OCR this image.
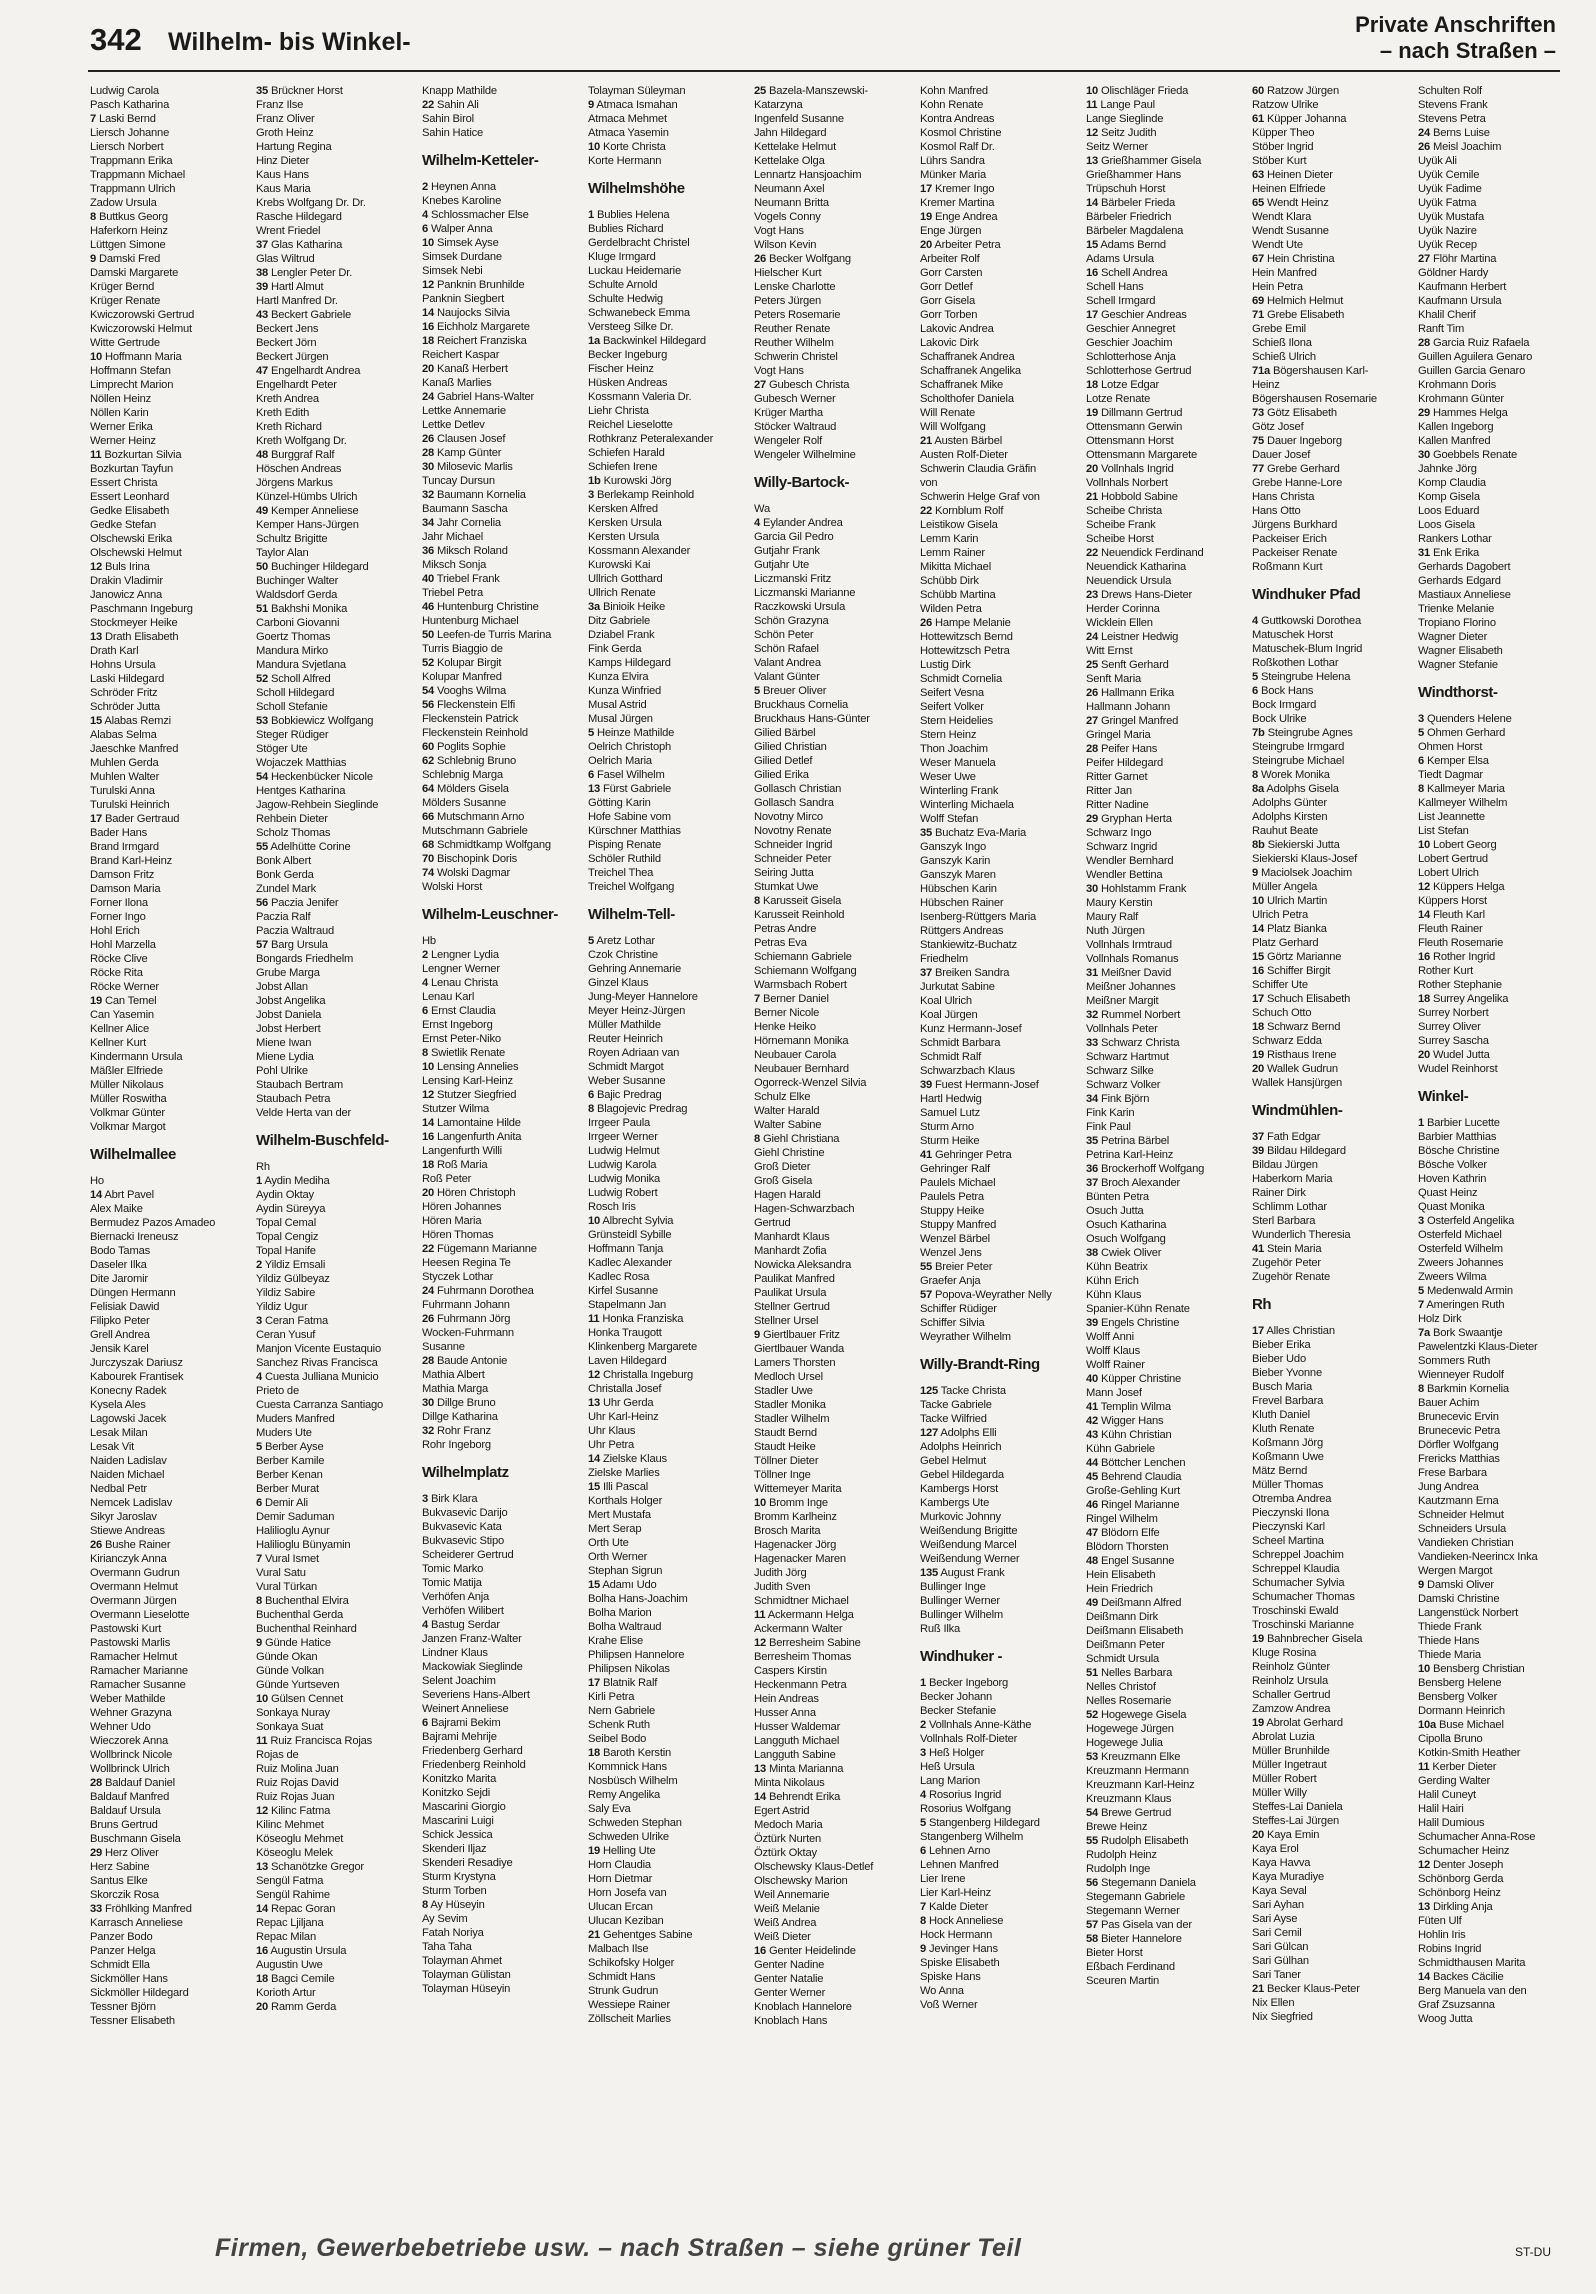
342 Wilhelm- bis Winkel-
Private Anschriften
– nach Straßen –
Ludwig Carola
Pasch Katharina
7 Laski Bernd
Liersch Johanne
Liersch Norbert
Trappmann Erika
Trappmann Michael
Trappmann Ulrich
Zadow Ursula
8 Buttkus Georg
Haferkorn Heinz
Lüttgen Simone
9 Damski Fred
Damski Margarete
Krüger Bernd
Krüger Renate
Kwiczorowski Gertrud
Kwiczorowski Helmut
Witte Gertrude
10 Hoffmann Maria
Hoffmann Stefan
Limprecht Marion
Nöllen Heinz
Nöllen Karin
Werner Erika
Werner Heinz
11 Bozkurtan Silvia
Bozkurtan Tayfun
Essert Christa
Essert Leonhard
Gedke Elisabeth
Gedke Stefan
Olschewski Erika
Olschewski Helmut
12 Buls Irina
Drakin Vladimir
Janowicz Anna
Paschmann Ingeburg
Stockmeyer Heike
13 Drath Elisabeth
Drath Karl
Hohns Ursula
Laski Hildegard
Schröder Fritz
Schröder Jutta
15 Alabas Remzi
Alabas Selma
Jaeschke Manfred
Muhlen Gerda
Muhlen Walter
Turulski Anna
Turulski Heinrich
17 Bader Gertraud
Bader Hans
Brand Irmgard
Brand Karl-Heinz
Damson Fritz
Damson Maria
Forner Ilona
Forner Ingo
Hohl Erich
Hohl Marzella
Röcke Clive
Röcke Rita
Röcke Werner
19 Can Temel
Can Yasemin
Kellner Alice
Kellner Kurt
Kindermann Ursula
Mäßler Elfriede
Müller Nikolaus
Müller Roswitha
Volkmar Günter
Volkmar Margot
Wilhelmallee
Ho
14 Abrt Pavel
Alex Maike
Bermudez Pazos Amadeo
Biernacki Ireneusz
Bodo Tamas
Daseler Ilka
Dite Jaromir
Düngen Hermann
Felisiak Dawid
Filipko Peter
Grell Andrea
Jensik Karel
Jurczyszak Dariusz
Kabourek Frantisek
Konecny Radek
Kysela Ales
Lagowski Jacek
Lesak Milan
Lesak Vit
Naiden Ladislav
Naiden Michael
Nedbal Petr
Nemcek Ladislav
Sikyr Jaroslav
Stiewe Andreas
26 Bushe Rainer
Kirianczyk Anna
Overmann Gudrun
Overmann Helmut
Overmann Jürgen
Overmann Lieselotte
Pastowski Kurt
Pastowski Marlis
Ramacher Helmut
Ramacher Marianne
Ramacher Susanne
Weber Mathilde
Wehner Grazyna
Wehner Udo
Wieczorek Anna
Wollbrinck Nicole
Wollbrinck Ulrich
28 Baldauf Daniel
Baldauf Manfred
Baldauf Ursula
Bruns Gertrud
Buschmann Gisela
29 Herz Oliver
Herz Sabine
Santus Elke
Skorczik Rosa
33 Fröhlking Manfred
Karrasch Anneliese
Panzer Bodo
Panzer Helga
Schmidt Ella
Sickmöller Hans
Sickmöller Hildegard
Tessner Björn
Tessner Elisabeth
35 Brückner Horst
Franz Ilse
Franz Oliver
Groth Heinz
Hartung Regina
Hinz Dieter
Kaus Hans
Kaus Maria
Krebs Wolfgang Dr. Dr.
Rasche Hildegard
Wrent Friedel
37 Glas Katharina
Glas Wiltrud
38 Lengler Peter Dr.
39 Hartl Almut
Hartl Manfred Dr.
43 Beckert Gabriele
Beckert Jens
Beckert Jörn
Beckert Jürgen
47 Engelhardt Andrea
Engelhardt Peter
Kreth Andrea
Kreth Edith
Kreth Richard
Kreth Wolfgang Dr.
48 Burggraf Ralf
Höschen Andreas
Jörgens Markus
Künzel-Hümbs Ulrich
49 Kemper Anneliese
Kemper Hans-Jürgen
Schultz Brigitte
Taylor Alan
50 Buchinger Hildegard
Buchinger Walter
Waldsdorf Gerda
51 Bakhshi Monika
Carboni Giovanni
Goertz Thomas
Mandura Mirko
Mandura Svjetlana
52 Scholl Alfred
Scholl Hildegard
Scholl Stefanie
53 Bobkiewicz Wolfgang
Steger Rüdiger
Stöger Ute
Wojaczek Matthias
54 Heckenbücker Nicole
Hentges Katharina
Jagow-Rehbein Sieglinde
Rehbein Dieter
Scholz Thomas
55 Adelhütte Corine
Bonk Albert
Bonk Gerda
Zundel Mark
56 Paczia Jenifer
Paczia Ralf
Paczia Waltraud
57 Barg Ursula
Bongards Friedhelm
Grube Marga
Jobst Allan
Jobst Angelika
Jobst Daniela
Jobst Herbert
Miene Iwan
Miene Lydia
Pohl Ulrike
Staubach Bertram
Staubach Petra
Velde Herta van der
Wilhelm-Buschfeld-
Rh
1 Aydin Mediha
Aydin Oktay
Aydin Süreyya
Topal Cemal
Topal Cengiz
Topal Hanife
2 Yildiz Emsali
Yildiz Gülbeyaz
Yildiz Sabire
Yildiz Ugur
3 Ceran Fatma
Ceran Yusuf
Manjon Vicente Eustaquio
Sanchez Rivas Francisca
4 Cuesta Julliana Municio
Prieto de
Cuesta Carranza Santiago
Muders Manfred
Muders Ute
5 Berber Ayse
Berber Kamile
Berber Kenan
Berber Murat
6 Demir Ali
Demir Saduman
Halilioglu Aynur
Halilioglu Bünyamin
7 Vural Ismet
Vural Satu
Vural Türkan
8 Buchenthal Elvira
Buchenthal Gerda
Buchenthal Reinhard
9 Günde Hatice
Günde Okan
Günde Volkan
Günde Yurtseven
10 Gülsen Cennet
Sonkaya Nuray
Sonkaya Suat
11 Ruiz Francisca Rojas
Rojas de
Ruiz Molina Juan
Ruiz Rojas David
Ruiz Rojas Juan
12 Kilinc Fatma
Kilinc Mehmet
Köseoglu Mehmet
Köseoglu Melek
13 Schanötzke Gregor
Sengül Fatma
Sengül Rahime
14 Repac Goran
Repac Ljiljana
Repac Milan
16 Augustin Ursula
Augustin Uwe
18 Bagci Cemile
Korioth Artur
20 Ramm Gerda
Knapp Mathilde
22 Sahin Ali
Sahin Birol
Sahin Hatice
Wilhelm-Ketteler-
2 Heynen Anna
Knebes Karoline
4 Schlossmacher Else
6 Walper Anna
10 Simsek Ayse
Simsek Durdane
Simsek Nebi
12 Panknin Brunhilde
Panknin Siegbert
14 Naujocks Silvia
16 Eichholz Margarete
18 Reichert Franziska
Reichert Kaspar
20 Kanaß Herbert
Kanaß Marlies
24 Gabriel Hans-Walter
Lettke Annemarie
Lettke Detlev
26 Clausen Josef
28 Kamp Günter
30 Milosevic Marlis
Tuncay Dursun
32 Baumann Kornelia
Baumann Sascha
34 Jahr Cornelia
Jahr Michael
36 Miksch Roland
Miksch Sonja
40 Triebel Frank
Triebel Petra
46 Huntenburg Christine
Huntenburg Michael
50 Leefen-de Turris Marina
Turris Biaggio de
52 Kolupar Birgit
Kolupar Manfred
54 Vooghs Wilma
56 Fleckenstein Elfi
Fleckenstein Patrick
Fleckenstein Reinhold
60 Poglits Sophie
62 Schlebnig Bruno
Schlebnig Marga
64 Mölders Gisela
Mölders Susanne
66 Mutschmann Arno
Mutschmann Gabriele
68 Schmidtkamp Wolfgang
70 Bischopink Doris
74 Wolski Dagmar
Wolski Horst
Wilhelm-Leuschner-
Hb
2 Lengner Lydia
Lengner Werner
4 Lenau Christa
Lenau Karl
6 Ernst Claudia
Ernst Ingeborg
Ernst Peter-Niko
8 Swietlik Renate
10 Lensing Annelies
Lensing Karl-Heinz
12 Stutzer Siegfried
Stutzer Wilma
14 Lamontaine Hilde
16 Langenfurth Anita
Langenfurth Willi
18 Roß Maria
Roß Peter
20 Hören Christoph
Hören Johannes
Hören Maria
Hören Thomas
22 Fügemann Marianne
Heesen Regina Te
Styczek Lothar
24 Fuhrmann Dorothea
Fuhrmann Johann
26 Fuhrmann Jörg
Wocken-Fuhrmann
Susanne
28 Baude Antonie
Mathia Albert
Mathia Marga
30 Dillge Bruno
Dillge Katharina
32 Rohr Franz
Rohr Ingeborg
Wilhelmplatz
3 Birk Klara
Bukvasevic Darijo
Bukvasevic Kata
Bukvasevic Stipo
Scheiderer Gertrud
Tomic Marko
Tomic Matija
Verhöfen Anja
Verhöfen Wilibert
4 Bastug Serdar
Janzen Franz-Walter
Lindner Klaus
Mackowiak Sieglinde
Selent Joachim
Severiens Hans-Albert
Weinert Anneliese
6 Bajrami Bekim
Bajrami Mehrije
Friedenberg Gerhard
Friedenberg Reinhold
Konitzko Marita
Konitzko Sejdi
Mascarini Giorgio
Mascarini Luigi
Schick Jessica
Skenderi Iljaz
Skenderi Resadiye
Sturm Krystyna
Sturm Torben
8 Ay Hüseyin
Ay Sevim
Fatah Noriya
Taha Taha
Tolayman Ahmet
Tolayman Gülistan
Tolayman Hüseyin
Tolayman Süleyman
9 Atmaca Ismahan
Atmaca Mehmet
Atmaca Yasemin
10 Korte Christa
Korte Hermann
Wilhelmshöhe
1 Bublies Helena
Bublies Richard
Gerdelbracht Christel
Kluge Irmgard
Luckau Heidemarie
Schulte Arnold
Schulte Hedwig
Schwanebeck Emma
Versteeg Silke Dr.
1a Backwinkel Hildegard
Becker Ingeburg
Fischer Heinz
Hüsken Andreas
Kossmann Valeria Dr.
Liehr Christa
Reichel Lieselotte
Rothkranz Peteralexander
Schiefen Harald
Schiefen Irene
1b Kurowski Jörg
3 Berlekamp Reinhold
Kersken Alfred
Kersken Ursula
Kersten Ursula
Kossmann Alexander
Kurowski Kai
Ullrich Gotthard
Ullrich Renate
3a Binioik Heike
Ditz Gabriele
Dziabel Frank
Fink Gerda
Kamps Hildegard
Kunza Elvira
Kunza Winfried
Musal Astrid
Musal Jürgen
5 Heinze Mathilde
Oelrich Christoph
Oelrich Maria
6 Fasel Wilhelm
13 Fürst Gabriele
Götting Karin
Hofe Sabine vom
Kürschner Matthias
Pisping Renate
Schöler Ruthild
Treichel Thea
Treichel Wolfgang
Wilhelm-Tell-
5 Aretz Lothar
Czok Christine
Gehring Annemarie
Ginzel Klaus
Jung-Meyer Hannelore
Meyer Heinz-Jürgen
Müller Mathilde
Reuter Heinrich
Royen Adriaan van
Schmidt Margot
Weber Susanne
6 Bajic Predrag
8 Blagojevic Predrag
Irrgeer Paula
Irrgeer Werner
Ludwig Helmut
Ludwig Karola
Ludwig Monika
Ludwig Robert
Rosch Iris
10 Albrecht Sylvia
Grünsteidl Sybille
Hoffmann Tanja
Kadlec Alexander
Kadlec Rosa
Kirfel Susanne
Stapelmann Jan
11 Honka Franziska
Honka Traugott
Klinkenberg Margarete
Laven Hildegard
12 Christalla Ingeburg
Christalla Josef
13 Uhr Gerda
Uhr Karl-Heinz
Uhr Klaus
Uhr Petra
14 Zielske Klaus
Zielske Marlies
15 Illi Pascal
Korthals Holger
Mert Mustafa
Mert Serap
Orth Ute
Orth Werner
Stephan Sigrun
15 Adamı Udo
Bolha Hans-Joachim
Bolha Marion
Bolha Waltraud
Krahe Elise
Philipsen Hannelore
Philipsen Nikolas
17 Blatnik Ralf
Kirli Petra
Nern Gabriele
Schenk Ruth
Seibel Bodo
18 Baroth Kerstin
Kommnick Hans
Nosbüsch Wilhelm
Remy Angelika
Saly Eva
Schweden Stephan
Schweden Ulrike
19 Helling Ute
Horn Claudia
Horn Dietmar
Horn Josefa van
Ulucan Ercan
Ulucan Keziban
21 Gehentges Sabine
Malbach Ilse
Schikofsky Holger
Schmidt Hans
Strunk Gudrun
Wessiepe Rainer
Zöllscheit Marlies
25 Bazela-Manszewski-
Katarzyna
Ingenfeld Susanne
Jahn Hildegard
Kettelake Helmut
Kettelake Olga
Lennartz Hansjoachim
Neumann Axel
Neumann Britta
Vogels Conny
Vogt Hans
Wilson Kevin
26 Becker Wolfgang
Hielscher Kurt
Lenske Charlotte
Peters Jürgen
Peters Rosemarie
Reuther Renate
Reuther Wilhelm
Schwerin Christel
Vogt Hans
27 Gubesch Christa
Gubesch Werner
Krüger Martha
Stöcker Waltraud
Wengeler Rolf
Wengeler Wilhelmine
Willy-Bartock-
Wa
4 Eylander Andrea
Garcia Gil Pedro
Gutjahr Frank
Gutjahr Ute
Liczmanski Fritz
Liczmanski Marianne
Raczkowski Ursula
Schön Grazyna
Schön Peter
Schön Rafael
Valant Andrea
Valant Günter
5 Breuer Oliver
Bruckhaus Cornelia
Bruckhaus Hans-Günter
Gilied Bärbel
Gilied Christian
Gilied Detlef
Gilied Erika
Gollasch Christian
Gollasch Sandra
Novotny Mirco
Novotny Renate
Schneider Ingrid
Schneider Peter
Seiring Jutta
Stumkat Uwe
8 Karusseit Gisela
Karusseit Reinhold
Petras Andre
Petras Eva
Schiemann Gabriele
Schiemann Wolfgang
Warmsbach Robert
7 Berner Daniel
Berner Nicole
Henke Heiko
Hörnemann Monika
Neubauer Carola
Neubauer Bernhard
Ogorreck-Wenzel Silvia
Schulz Elke
Walter Harald
Walter Sabine
8 Giehl Christiana
Giehl Christine
Groß Dieter
Groß Gisela
Hagen Harald
Hagen-Schwarzbach
Gertrud
Manhardt Klaus
Manhardt Zofia
Nowicka Aleksandra
Paulikat Manfred
Paulikat Ursula
Stellner Gertrud
Stellner Ursel
9 Giertlbauer Fritz
Giertlbauer Wanda
Lamers Thorsten
Medloch Ursel
Stadler Uwe
Stadler Monika
Stadler Wilhelm
Staudt Bernd
Staudt Heike
Töllner Dieter
Töllner Inge
Wittemeyer Marita
10 Bromm Inge
Bromm Karlheinz
Brosch Marita
Hagenacker Jörg
Hagenacker Maren
Judith Jörg
Judith Sven
Schmidtner Michael
11 Ackermann Helga
Ackermann Walter
12 Berresheim Sabine
Berresheim Thomas
Caspers Kirstin
Heckenmann Petra
Hein Andreas
Husser Anna
Husser Waldemar
Langguth Michael
Langguth Sabine
13 Minta Marianna
Minta Nikolaus
14 Behrendt Erika
Egert Astrid
Medoch Maria
Öztürk Nurten
Öztürk Oktay
Olschewsky Klaus-Detlef
Olschewsky Marion
Weil Annemarie
Weiß Melanie
Weiß Andrea
Weiß Dieter
16 Genter Heidelinde
Genter Nadine
Genter Natalie
Genter Werner
Knoblach Hannelore
Knoblach Hans
Kohn Manfred
Kohn Renate
Kontra Andreas
Kosmol Christine
Kosmol Ralf Dr.
Lührs Sandra
Münker Maria
17 Kremer Ingo
Kremer Martina
19 Enge Andrea
Enge Jürgen
20 Arbeiter Petra
Arbeiter Rolf
Gorr Carsten
Gorr Detlef
Gorr Gisela
Gorr Torben
Lakovic Andrea
Lakovic Dirk
Schaffranek Andrea
Schaffranek Angelika
Schaffranek Mike
Scholthofer Daniela
Will Renate
Will Wolfgang
21 Austen Bärbel
Austen Rolf-Dieter
Schwerin Claudia Gräfin
von
Schwerin Helge Graf von
22 Kornblum Rolf
Leistikow Gisela
Lemm Karin
Lemm Rainer
Mikitta Michael
Schübb Dirk
Schübb Martina
Wilden Petra
26 Hampe Melanie
Hottewitzsch Bernd
Hottewitzsch Petra
Lustig Dirk
Schmidt Cornelia
Seifert Vesna
Seifert Volker
Stern Heidelies
Stern Heinz
Thon Joachim
Weser Manuela
Weser Uwe
Winterling Frank
Winterling Michaela
Wolff Stefan
35 Buchatz Eva-Maria
Ganszyk Ingo
Ganszyk Karin
Ganszyk Maren
Hübschen Karin
Hübschen Rainer
Isenberg-Rüttgers Maria
Rüttgers Andreas
Stankiewitz-Buchatz
Friedhelm
37 Breiken Sandra
Jurkutat Sabine
Koal Ulrich
Koal Jürgen
Kunz Hermann-Josef
Schmidt Barbara
Schmidt Ralf
Schwarzbach Klaus
39 Fuest Hermann-Josef
Hartl Hedwig
Samuel Lutz
Sturm Arno
Sturm Heike
41 Gehringer Petra
Gehringer Ralf
Paulels Michael
Paulels Petra
Stuppy Heike
Stuppy Manfred
Wenzel Bärbel
Wenzel Jens
55 Breier Peter
Graefer Anja
57 Popova-Weyrather Nelly
Schiffer Rüdiger
Schiffer Silvia
Weyrather Wilhelm
Willy-Brandt-Ring
125 Tacke Christa
Tacke Gabriele
Tacke Wilfried
127 Adolphs Elli
Adolphs Heinrich
Gebel Helmut
Gebel Hildegarda
Kambergs Horst
Kambergs Ute
Murkovic Johnny
Weißendung Brigitte
Weißendung Marcel
Weißendung Werner
135 August Frank
Bullinger Inge
Bullinger Werner
Bullinger Wilhelm
Ruß Ilka
Windhuker -
1 Becker Ingeborg
Becker Johann
Becker Stefanie
2 Vollnhals Anne-Käthe
Vollnhals Rolf-Dieter
3 Heß Holger
Heß Ursula
Lang Marion
4 Rosorius Ingrid
Rosorius Wolfgang
5 Stangenberg Hildegard
Stangenberg Wilhelm
6 Lehnen Arno
Lehnen Manfred
Lier Irene
Lier Karl-Heinz
7 Kalde Dieter
8 Hock Anneliese
Hock Hermann
9 Jevinger Hans
Spiske Elisabeth
Spiske Hans
Wo Anna
Voß Werner
10 Olischläger Frieda
11 Lange Paul
Lange Sieglinde
12 Seitz Judith
Seitz Werner
13 Grießhammer Gisela
Grießhammer Hans
Trüpschuh Horst
14 Bärbeler Frieda
Bärbeler Friedrich
Bärbeler Magdalena
15 Adams Bernd
Adams Ursula
16 Schell Andrea
Schell Hans
Schell Irmgard
17 Geschier Andreas
Geschier Annegret
Geschier Joachim
Schlotterhose Anja
Schlotterhose Gertrud
18 Lotze Edgar
Lotze Renate
19 Dillmann Gertrud
Ottensmann Gerwin
Ottensmann Horst
Ottensmann Margarete
20 Vollnhals Ingrid
Vollnhals Norbert
21 Hobbold Sabine
Scheibe Christa
Scheibe Frank
Scheibe Horst
22 Neuendick Ferdinand
Neuendick Katharina
Neuendick Ursula
23 Drews Hans-Dieter
Herder Corinna
Wicklein Ellen
24 Leistner Hedwig
Witt Ernst
25 Senft Gerhard
Senft Maria
26 Hallmann Erika
Hallmann Johann
27 Gringel Manfred
Gringel Maria
28 Peifer Hans
Peifer Hildegard
Ritter Garnet
Ritter Jan
Ritter Nadine
29 Gryphan Herta
Schwarz Ingo
Schwarz Ingrid
Wendler Bernhard
Wendler Bettina
30 Hohlstamm Frank
Maury Kerstin
Maury Ralf
Nuth Jürgen
Vollnhals Irmtraud
Vollnhals Romanus
31 Meißner David
Meißner Johannes
Meißner Margit
32 Rummel Norbert
Vollnhals Peter
33 Schwarz Christa
Schwarz Hartmut
Schwarz Silke
Schwarz Volker
34 Fink Björn
Fink Karin
Fink Paul
35 Petrina Bärbel
Petrina Karl-Heinz
36 Brockerhoff Wolfgang
37 Broch Alexander
Bünten Petra
Osuch Jutta
Osuch Katharina
Osuch Wolfgang
38 Cwiek Oliver
Kühn Beatrix
Kühn Erich
Kühn Klaus
Spanier-Kühn Renate
39 Engels Christine
Wolff Anni
Wolff Klaus
Wolff Rainer
40 Küpper Christine
Mann Josef
41 Templin Wilma
42 Wigger Hans
43 Kühn Christian
Kühn Gabriele
44 Böttcher Lenchen
45 Behrend Claudia
Große-Gehling Kurt
46 Ringel Marianne
Ringel Wilhelm
47 Blödorn Elfe
Blödorn Thorsten
48 Engel Susanne
Hein Elisabeth
Hein Friedrich
49 Deißmann Alfred
Deißmann Dirk
Deißmann Elisabeth
Deißmann Peter
Schmidt Ursula
51 Nelles Barbara
Nelles Christof
Nelles Rosemarie
52 Hogewege Gisela
Hogewege Jürgen
Hogewege Julia
53 Kreuzmann Elke
Kreuzmann Hermann
Kreuzmann Karl-Heinz
Kreuzmann Klaus
54 Brewe Gertrud
Brewe Heinz
55 Rudolph Elisabeth
Rudolph Heinz
Rudolph Inge
56 Stegemann Daniela
Stegemann Gabriele
Stegemann Werner
57 Pas Gisela van der
58 Bieter Hannelore
Bieter Horst
Eßbach Ferdinand
Sceuren Martin
60 Ratzow Jürgen
Ratzow Ulrike
61 Küpper Johanna
Küpper Theo
Stöber Ingrid
Stöber Kurt
63 Heinen Dieter
Heinen Elfriede
65 Wendt Heinz
Wendt Klara
Wendt Susanne
Wendt Ute
67 Hein Christina
Hein Manfred
Hein Petra
69 Helmich Helmut
71 Grebe Elisabeth
Grebe Emil
Schieß Ilona
Schieß Ulrich
71a Bögershausen Karl-
Heinz
Bögershausen Rosemarie
73 Götz Elisabeth
Götz Josef
75 Dauer Ingeborg
Dauer Josef
77 Grebe Gerhard
Grebe Hanne-Lore
Hans Christa
Hans Otto
Jürgens Burkhard
Packeiser Erich
Packeiser Renate
Roßmann Kurt
Windhuker Pfad
4 Guttkowski Dorothea
Matuschek Horst
Matuschek-Blum Ingrid
Roßkothen Lothar
5 Steingrube Helena
6 Bock Hans
Bock Irmgard
Bock Ulrike
7b Steingrube Agnes
Steingrube Irmgard
Steingrube Michael
8 Worek Monika
8a Adolphs Gisela
Adolphs Günter
Adolphs Kirsten
Rauhut Beate
8b Siekierski Jutta
Siekierski Klaus-Josef
9 Maciolsek Joachim
Müller Angela
10 Ulrich Martin
Ulrich Petra
14 Platz Bianka
Platz Gerhard
15 Görtz Marianne
16 Schiffer Birgit
Schiffer Ute
17 Schuch Elisabeth
Schuch Otto
18 Schwarz Bernd
Schwarz Edda
19 Risthaus Irene
20 Wallek Gudrun
Wallek Hansjürgen
Windmühlen-
37 Fath Edgar
39 Bildau Hildegard
Bildau Jürgen
Haberkorn Maria
Rainer Dirk
Schlimm Lothar
Sterl Barbara
Wunderlich Theresia
41 Stein Maria
Zugehör Peter
Zugehör Renate
Rh
17 Alles Christian
Bieber Erika
Bieber Udo
Bieber Yvonne
Busch Maria
Frevel Barbara
Kluth Daniel
Kluth Renate
Koßmann Jörg
Koßmann Uwe
Mätz Bernd
Müller Thomas
Otremba Andrea
Pieczynski Ilona
Pieczynski Karl
Scheel Martina
Schreppel Joachim
Schreppel Klaudia
Schumacher Sylvia
Schumacher Thomas
Troschinski Ewald
Troschinski Marianne
19 Bahnbrecher Gisela
Kluge Rosina
Reinholz Günter
Reinholz Ursula
Schaller Gertrud
Zamzow Andrea
19 Abrolat Gerhard
Abrolat Luzia
Müller Brunhilde
Müller Ingetraut
Müller Robert
Müller Willy
Steffes-Lai Daniela
Steffes-Lai Jürgen
20 Kaya Emin
Kaya Erol
Kaya Havva
Kaya Muradiye
Kaya Seval
Sari Ayhan
Sari Ayse
Sari Cemil
Sari Gülcan
Sari Gülhan
Sari Taner
21 Becker Klaus-Peter
Nix Ellen
Nix Siegfried
Schulten Rolf
Stevens Frank
Stevens Petra
24 Berns Luise
26 Meisl Joachim
Uyük Ali
Uyük Cemile
Uyük Fadime
Uyük Fatma
Uyük Mustafa
Uyük Nazire
Uyük Recep
27 Flöhr Martina
Göldner Hardy
Kaufmann Herbert
Kaufmann Ursula
Khalil Cherif
Ranft Tim
28 Garcia Ruiz Rafaela
Guillen Aguilera Genaro
Guillen Garcia Genaro
Krohmann Doris
Krohmann Günter
29 Hammes Helga
Kallen Ingeborg
Kallen Manfred
30 Goebbels Renate
Jahnke Jörg
Komp Claudia
Komp Gisela
Loos Eduard
Loos Gisela
Rankers Lothar
31 Enk Erika
Gerhards Dagobert
Gerhards Edgard
Mastiaux Anneliese
Trienke Melanie
Tropiano Florino
Wagner Dieter
Wagner Elisabeth
Wagner Stefanie
Windthorst-
3 Quenders Helene
5 Ohmen Gerhard
Ohmen Horst
6 Kemper Elsa
Tiedt Dagmar
8 Kallmeyer Maria
Kallmeyer Wilhelm
List Jeannette
List Stefan
10 Lobert Georg
Lobert Gertrud
Lobert Ulrich
12 Küppers Helga
Küppers Horst
14 Fleuth Karl
Fleuth Rainer
Fleuth Rosemarie
16 Rother Ingrid
Rother Kurt
Rother Stephanie
18 Surrey Angelika
Surrey Norbert
Surrey Oliver
Surrey Sascha
20 Wudel Jutta
Wudel Reinhorst
Winkel-
1 Barbier Lucette
Barbier Matthias
Bösche Christine
Bösche Volker
Hoven Kathrin
Quast Heinz
Quast Monika
3 Osterfeld Angelika
Osterfeld Michael
Osterfeld Wilhelm
Zweers Johannes
Zweers Wilma
5 Medenwald Armin
7 Ameringen Ruth
Holz Dirk
7a Bork Swaantje
Pawelentzki Klaus-Dieter
Sommers Ruth
Wienneyer Rudolf
8 Barkmin Kornelia
Bauer Achim
Brunecevic Ervin
Brunecevic Petra
Dörfler Wolfgang
Frericks Matthias
Frese Barbara
Jung Andrea
Kautzmann Erna
Schneider Helmut
Schneiders Ursula
Vandieken Christian
Vandieken-Neerincx Inka
Wergen Margot
9 Damski Oliver
Damski Christine
Langenstück Norbert
Thiede Frank
Thiede Hans
Thiede Maria
10 Bensberg Christian
Bensberg Helene
Bensberg Volker
Dormann Heinrich
10a Buse Michael
Cipolla Bruno
Kotkin-Smith Heather
11 Kerber Dieter
Gerding Walter
Halil Cuneyt
Halil Hairi
Halil Dumious
Schumacher Anna-Rose
Schumacher Heinz
12 Denter Joseph
Schönborg Gerda
Schönborg Heinz
13 Dirkling Anja
Füten Ulf
Hohlin Iris
Robins Ingrid
Schmidthausen Marita
14 Backes Cäcilie
Berg Manuela van den
Graf Zsuzsanna
Woog Jutta
Firmen, Gewerbebetriebe usw. – nach Straßen – siehe grüner Teil	ST-DU
